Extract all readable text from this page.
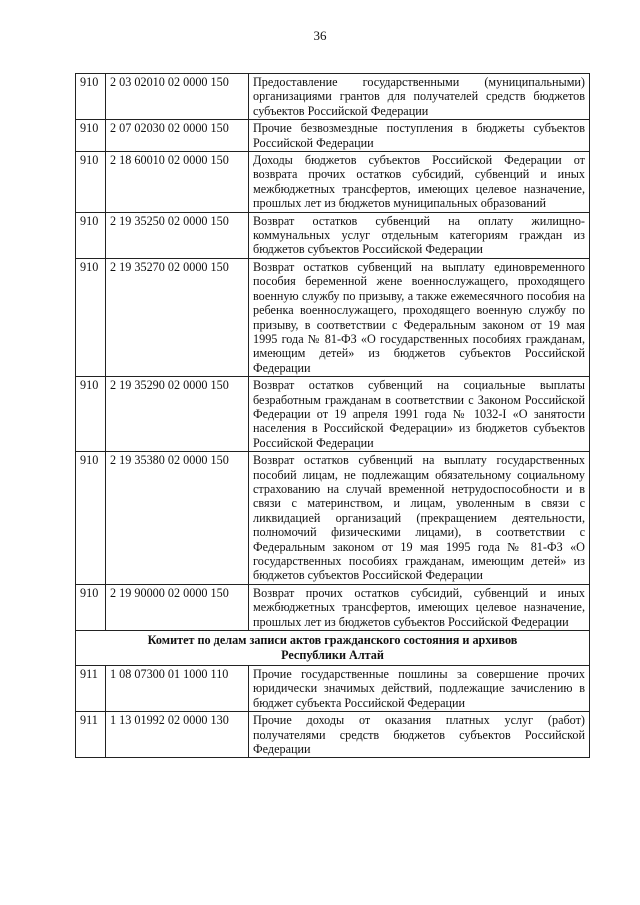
36
910	2 03 02010 02 0000 150	Предоставление государственными (муниципальными) организациями грантов для получателей средств бюджетов субъектов Российской Федерации
910	2 07 02030 02 0000 150	Прочие безвозмездные поступления в бюджеты субъектов Российской Федерации
910	2 18 60010 02 0000 150	Доходы бюджетов субъектов Российской Федерации от возврата прочих остатков субсидий, субвенций и иных межбюджетных трансфертов, имеющих целевое назначение, прошлых лет из бюджетов муниципальных образований
910	2 19 35250 02 0000 150	Возврат остатков субвенций на оплату жилищно-коммунальных услуг отдельным категориям граждан из бюджетов субъектов Российской Федерации
910	2 19 35270 02 0000 150	Возврат остатков субвенций на выплату единовременного пособия беременной жене военнослужащего, проходящего военную службу по призыву, а также ежемесячного пособия на ребенка военнослужащего, проходящего военную службу по призыву, в соответствии с Федеральным законом от 19 мая 1995 года № 81-ФЗ «О государственных пособиях гражданам, имеющим детей» из бюджетов субъектов Российской Федерации
910	2 19 35290 02 0000 150	Возврат остатков субвенций на социальные выплаты безработным гражданам в соответствии с Законом Российской Федерации от 19 апреля 1991 года № 1032-I «О занятости населения в Российской Федерации» из бюджетов субъектов Российской Федерации
910	2 19 35380 02 0000 150	Возврат остатков субвенций на выплату государственных пособий лицам, не подлежащим обязательному социальному страхованию на случай временной нетрудоспособности и в связи с материнством, и лицам, уволенным в связи с ликвидацией организаций (прекращением деятельности, полномочий физическими лицами), в соответствии с Федеральным законом от 19 мая 1995 года № 81-ФЗ «О государственных пособиях гражданам, имеющим детей» из бюджетов субъектов Российской Федерации
910	2 19 90000 02 0000 150	Возврат прочих остатков субсидий, субвенций и иных межбюджетных трансфертов, имеющих целевое назначение, прошлых лет из бюджетов субъектов Российской Федерации
Комитет по делам записи актов гражданского состояния и архивов
Республики Алтай		
911	1 08 07300 01 1000 110	Прочие государственные пошлины за совершение прочих юридически значимых действий, подлежащие зачислению в бюджет субъекта Российской Федерации
911	1 13 01992 02 0000 130	Прочие доходы от оказания платных услуг (работ) получателями средств бюджетов субъектов Российской Федерации
